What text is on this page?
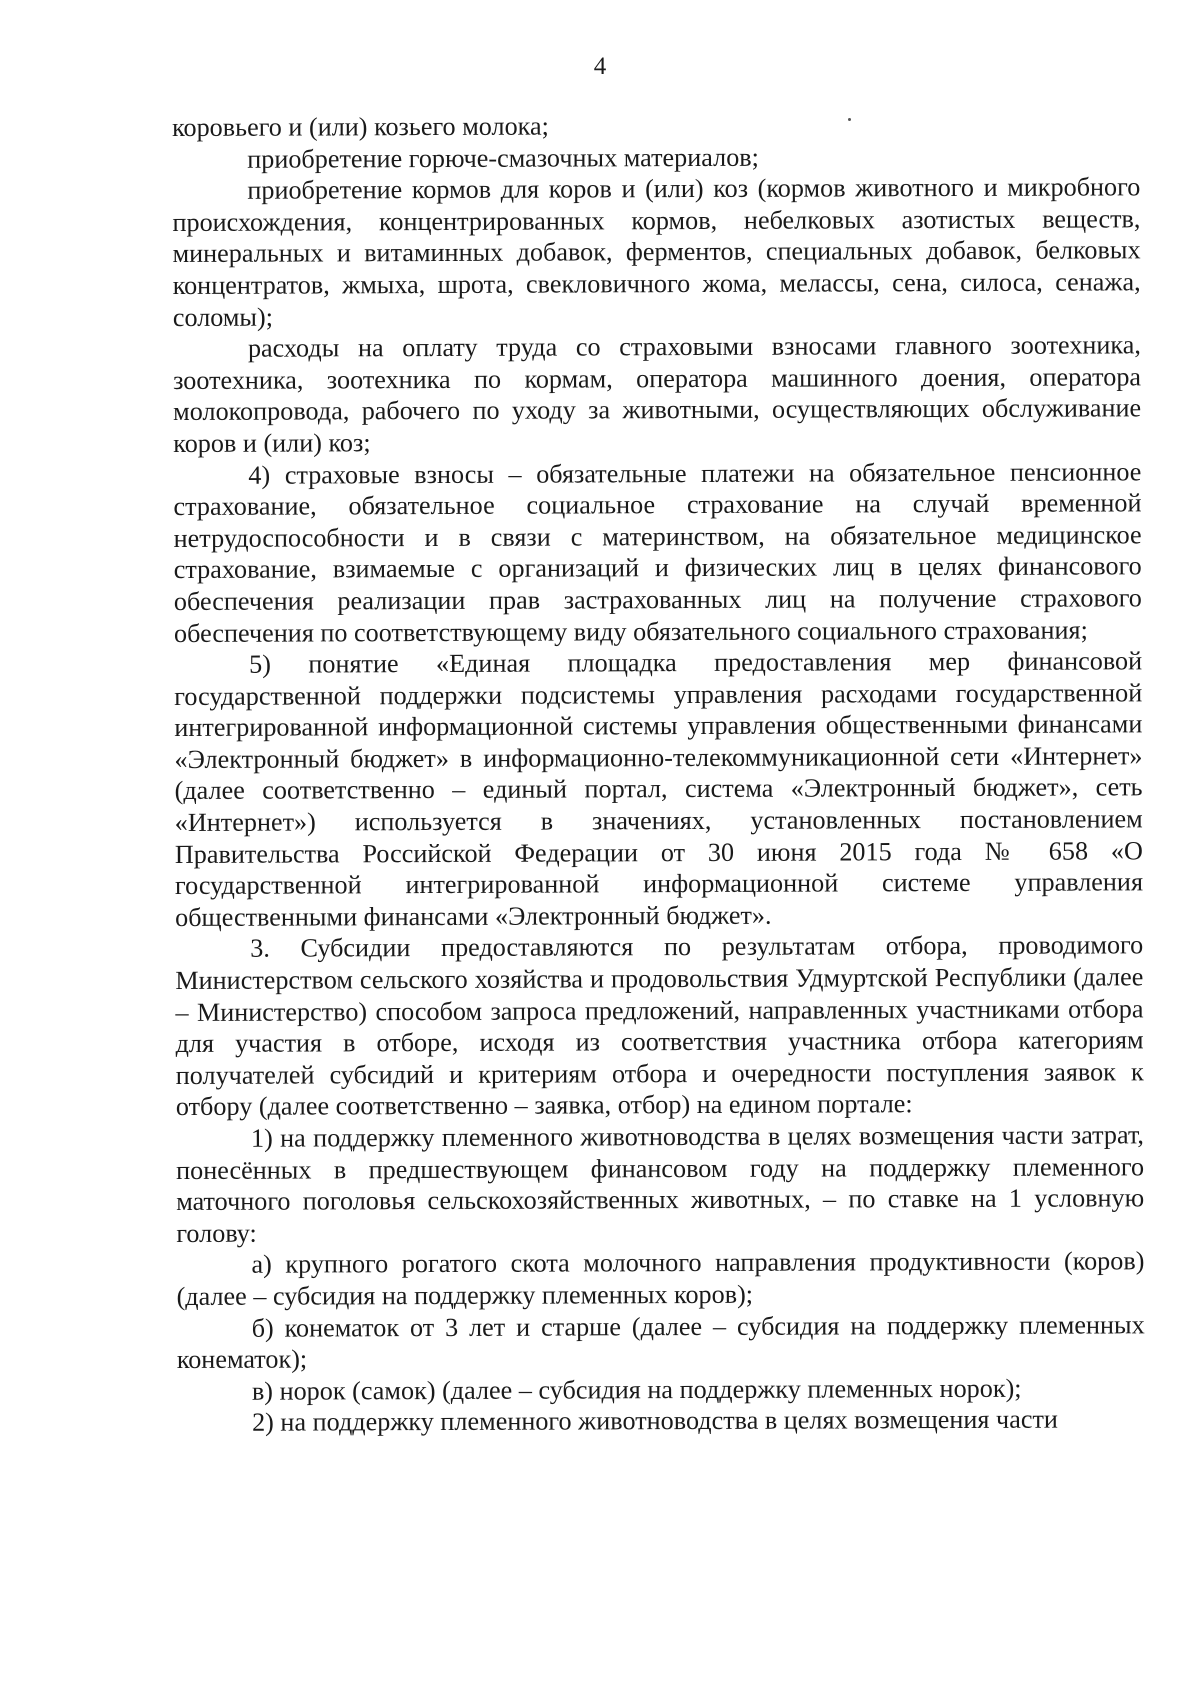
4

коровьего и (или) козьего молока;

приобретение горюче-смазочных материалов;

приобретение кормов для коров и (или) коз (кормов животного и микробного происхождения, концентрированных кормов, небелковых азотистых веществ, минеральных и витаминных добавок, ферментов, специальных добавок, белковых концентратов, жмыха, шрота, свекловичного жома, мелассы, сена, силоса, сенажа, соломы);

расходы на оплату труда со страховыми взносами главного зоотехника, зоотехника, зоотехника по кормам, оператора машинного доения, оператора молокопровода, рабочего по уходу за животными, осуществляющих обслуживание коров и (или) коз;

4) страховые взносы – обязательные платежи на обязательное пенсионное страхование, обязательное социальное страхование на случай временной нетрудоспособности и в связи с материнством, на обязательное медицинское страхование, взимаемые с организаций и физических лиц в целях финансового обеспечения реализации прав застрахованных лиц на получение страхового обеспечения по соответствующему виду обязательного социального страхования;

5) понятие «Единая площадка предоставления мер финансовой государственной поддержки подсистемы управления расходами государственной интегрированной информационной системы управления общественными финансами «Электронный бюджет» в информационно-телекоммуникационной сети «Интернет» (далее соответственно – единый портал, система «Электронный бюджет», сеть «Интернет») используется в значениях, установленных постановлением Правительства Российской Федерации от 30 июня 2015 года № 658 «О государственной интегрированной информационной системе управления общественными финансами «Электронный бюджет».

3. Субсидии предоставляются по результатам отбора, проводимого Министерством сельского хозяйства и продовольствия Удмуртской Республики (далее – Министерство) способом запроса предложений, направленных участниками отбора для участия в отборе, исходя из соответствия участника отбора категориям получателей субсидий и критериям отбора и очередности поступления заявок к отбору (далее соответственно – заявка, отбор) на едином портале:

1) на поддержку племенного животноводства в целях возмещения части затрат, понесённых в предшествующем финансовом году на поддержку племенного маточного поголовья сельскохозяйственных животных, – по ставке на 1 условную голову:

а) крупного рогатого скота молочного направления продуктивности (коров) (далее – субсидия на поддержку племенных коров);

б) конематок от 3 лет и старше (далее – субсидия на поддержку племенных конематок);

в) норок (самок) (далее – субсидия на поддержку племенных норок);

2) на поддержку племенного животноводства в целях возмещения части
